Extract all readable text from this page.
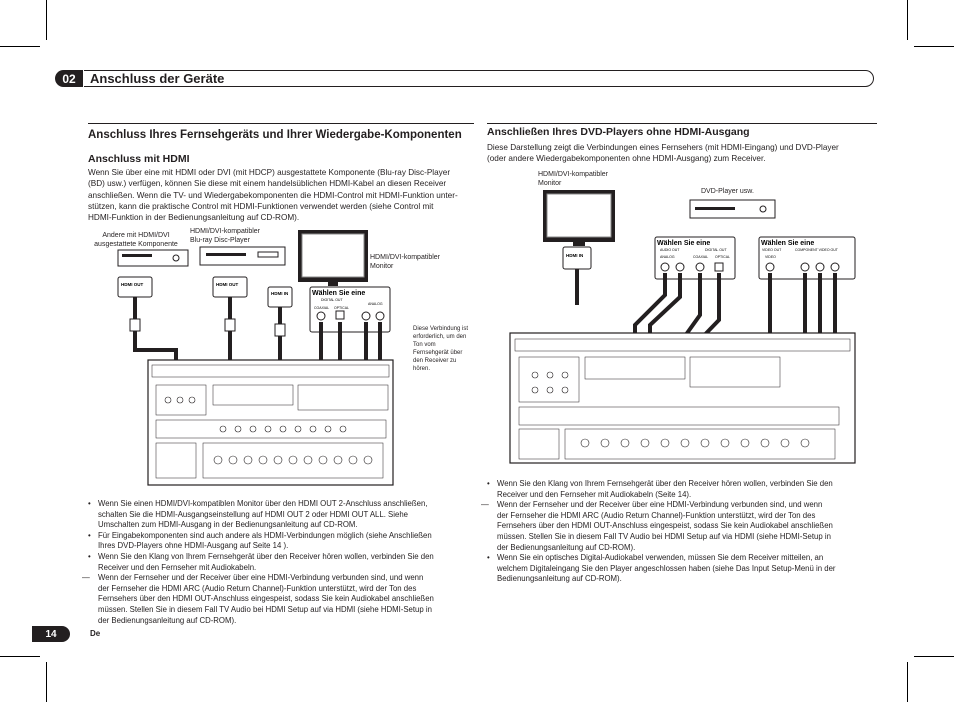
02	Anschluss der Geräte
Anschluss Ihres Fernsehgeräts und Ihrer Wiedergabe-Komponenten
Anschluss mit HDMI
Wenn Sie über eine mit HDMI oder DVI (mit HDCP) ausgestattete Komponente (Blu-ray Disc-Player
(BD) usw.) verfügen, können Sie diese mit einem handelsüblichen HDMI-Kabel an diesen Receiver
anschließen. Wenn die TV- und Wiedergabekomponenten die HDMI-Control mit HDMI-Funktion unter-
stützen, kann die praktische Control mit HDMI-Funktionen verwendet werden (siehe Control mit
HDMI-Funktion in der Bedienungsanleitung auf CD-ROM).
Andere mit HDMI/DVI ausgestattete Komponente
HDMI/DVI-kompatibler Blu-ray Disc-Player
HDMI/DVI-kompatibler Monitor
Diese Verbindung ist erforderlich, um den Ton vom Fernsehgerät über den Receiver zu hören.
HDMI OUT	HDMI OUT
HDMI IN	Wählen Sie eine
DIGITAL OUT
COAXIAL OPTICAL
ANALOG
• Wenn Sie einen HDMI/DVI-kompatiblen Monitor über den HDMI OUT 2-Anschluss anschließen,
schalten Sie die HDMI-Ausgangseinstellung auf HDMI OUT 2 oder HDMI OUT ALL. Siehe
Umschalten zum HDMI-Ausgang in der Bedienungsanleitung auf CD-ROM.
• Für Eingabekomponenten sind auch andere als HDMI-Verbindungen möglich (siehe Anschließen
Ihres DVD-Players ohne HDMI-Ausgang auf Seite 14 ).
• Wenn Sie den Klang von Ihrem Fernsehgerät über den Receiver hören wollen, verbinden Sie den
Receiver und den Fernseher mit Audiokabeln.
— Wenn der Fernseher und der Receiver über eine HDMI-Verbindung verbunden sind, und wenn
der Fernseher die HDMI ARC (Audio Return Channel)-Funktion unterstützt, wird der Ton des
Fernsehers über den HDMI OUT-Anschluss eingespeist, sodass Sie kein Audiokabel anschließen
müssen. Stellen Sie in diesem Fall TV Audio bei HDMI Setup auf via HDMI (siehe HDMI-Setup in
der Bedienungsanleitung auf CD-ROM).
Anschließen Ihres DVD-Players ohne HDMI-Ausgang
Diese Darstellung zeigt die Verbindungen eines Fernsehers (mit HDMI-Eingang) und DVD-Player
(oder andere Wiedergabekomponenten ohne HDMI-Ausgang) zum Receiver.
HDMI/DVI-kompatibler Monitor
DVD-Player usw.
HDMI IN
Wählen Sie eine
AUDIO OUT	DIGITAL OUT
ANALOG	COAXIAL OPTICAL
Wählen Sie eine
VIDEO OUT
VIDEO
COMPONENT VIDEO OUT
• Wenn Sie den Klang von Ihrem Fernsehgerät über den Receiver hören wollen, verbinden Sie den
Receiver und den Fernseher mit Audiokabeln (Seite 14).
— Wenn der Fernseher und der Receiver über eine HDMI-Verbindung verbunden sind, und wenn
der Fernseher die HDMI ARC (Audio Return Channel)-Funktion unterstützt, wird der Ton des
Fernsehers über den HDMI OUT-Anschluss eingespeist, sodass Sie kein Audiokabel anschließen
müssen. Stellen Sie in diesem Fall TV Audio bei HDMI Setup auf via HDMI (siehe HDMI-Setup in
der Bedienungsanleitung auf CD-ROM).
• Wenn Sie ein optisches Digital-Audiokabel verwenden, müssen Sie dem Receiver mitteilen, an
welchem Digitaleingang Sie den Player angeschlossen haben (siehe Das Input Setup-Menü in der
Bedienungsanleitung auf CD-ROM).
14	De
